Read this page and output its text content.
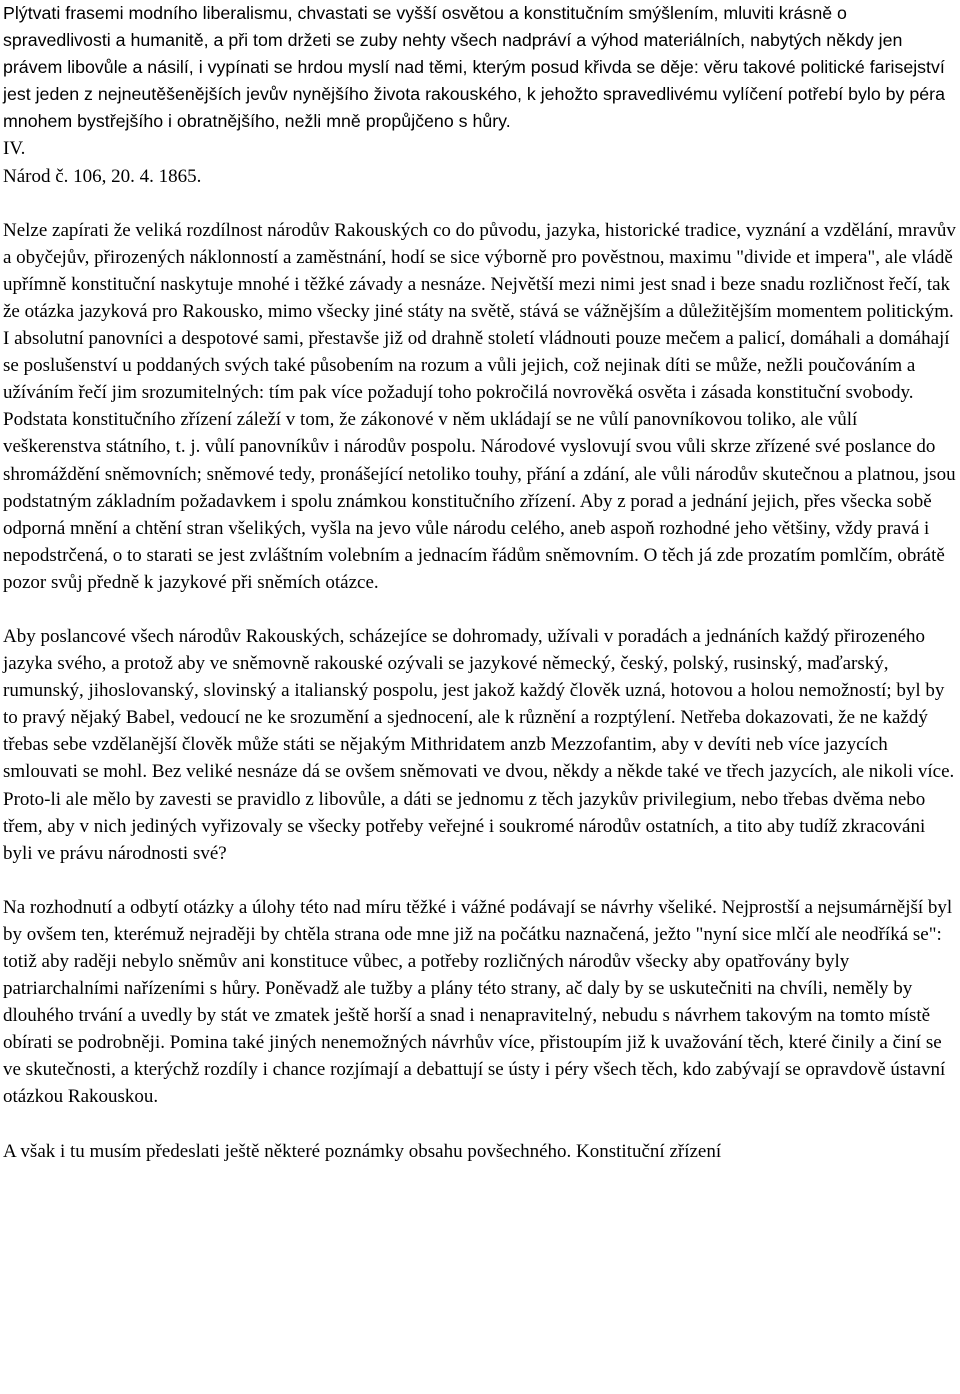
Plýtvati frasemi modního liberalismu, chvastati se vyšší osvětou a konstitučním smýšlením, mluviti krásně o spravedlivosti a humanitě, a při tom držeti se zuby nehty všech nadpráví a výhod materiálních, nabytých někdy jen právem libovůle a násilí, i vypínati se hrdou myslí nad těmi, kterým posud křivda se děje: věru takové politické farisejství jest jeden z nejneutěšenějších jevův nynějšího života rakouského, k jehožto spravedlivému vylíčení potřebí bylo by péra mnohem bystřejšího i obratnějšího, nežli mně propůjčeno s hůry.

IV.

Národ č. 106, 20. 4. 1865.

Nelze zapírati že veliká rozdílnost národův Rakouských co do původu, jazyka, historické tradice, vyznání a vzdělání, mravův a obyčejův, přirozených náklonností a zaměstnání, hodí se sice výborně pro pověstnou, maximu "divide et impera", ale vládě upřímně konstituční naskytuje mnohé i těžké závady a nesnáze. Největší mezi nimi jest snad i beze snadu rozličnost řečí, tak že otázka jazyková pro Rakousko, mimo všecky jiné státy na světě, stává se vážnějším a důležitějším momentem politickým. I absolutní panovníci a despotové sami, přestavše již od drahně století vládnouti pouze mečem a palicí, domáhali a domáhají se poslušenství u poddaných svých také působením na rozum a vůli jejich, což nejinak díti se může, nežli poučováním a užíváním řečí jim srozumitelných: tím pak více požadují toho pokročilá novrověká osvěta i zásada konstituční svobody. Podstata konstitučního zřízení záleží v tom, že zákonové v něm ukládají se ne vůlí panovníkovou toliko, ale vůlí veškerenstva státního, t. j. vůlí panovníkův i národův pospolu. Národové vyslovují svou vůli skrze zřízené své poslance do shromáždění sněmovních; sněmové tedy, pronášející netoliko touhy, přání a zdání, ale vůli národův skutečnou a platnou, jsou podstatným základním požadavkem i spolu známkou konstitučního zřízení. Aby z porad a jednání jejich, přes všecka sobě odporná mnění a chtění stran všelikých, vyšla na jevo vůle národu celého, aneb aspoň rozhodné jeho většiny, vždy pravá i nepodstrčená, o to starati se jest zvláštním volebním a jednacím řádům sněmovním. O těch já zde prozatím pomlčím, obrátě pozor svůj předně k jazykové při sněmích otázce.

Aby poslancové všech národův Rakouských, scházejíce se dohromady, užívali v poradách a jednáních každý přirozeného jazyka svého, a protož aby ve sněmovně rakouské ozývali se jazykové německý, český, polský, rusinský, maďarský, rumunský, jihoslovanský, slovinský a italianský pospolu, jest jakož každý člověk uzná, hotovou a holou nemožností; byl by to pravý nějaký Babel, vedoucí ne ke srozumění a sjednocení, ale k různění a rozptýlení. Netřeba dokazovati, že ne každý třebas sebe vzdělanější člověk může státi se nějakým Mithridatem anzb Mezzofantim, aby v devíti neb více jazycích smlouvati se mohl. Bez veliké nesnáze dá se ovšem sněmovati ve dvou, někdy a někde také ve třech jazycích, ale nikoli více. Proto-li ale mělo by zavesti se pravidlo z libovůle, a dáti se jednomu z těch jazykův privilegium, nebo třebas dvěma nebo třem, aby v nich jediných vyřizovaly se všecky potřeby veřejné i soukromé národův ostatních, a tito aby tudíž zkracováni byli ve právu národnosti své?

Na rozhodnutí a odbytí otázky a úlohy této nad míru těžké i vážné podávají se návrhy všeliké. Nejprostší a nejsumárnější byl by ovšem ten, kterémuž nejraději by chtěla strana ode mne již na počátku naznačená, ježto "nyní sice mlčí ale neodříká se": totiž aby raději nebylo sněmův ani konstituce vůbec, a potřeby rozličných národův všecky aby opatřovány byly patriarchalními nařízeními s hůry. Poněvadž ale tužby a plány této strany, ač daly by se uskutečniti na chvíli, neměly by dlouhého trvání a uvedly by stát ve zmatek ještě horší a snad i nenapravitelný, nebudu s návrhem takovým na tomto místě obírati se podrobněji. Pomina také jiných nenemožných návrhův více, přistoupím již k uvažování těch, které činily a činí se ve skutečnosti, a kterýchž rozdíly i chance rozjímají a debattují se ústy i péry všech těch, kdo zabývají se opravdově ústavní otázkou Rakouskou.

A však i tu musím předeslati ještě některé poznámky obsahu povšechného. Konstituční zřízení
